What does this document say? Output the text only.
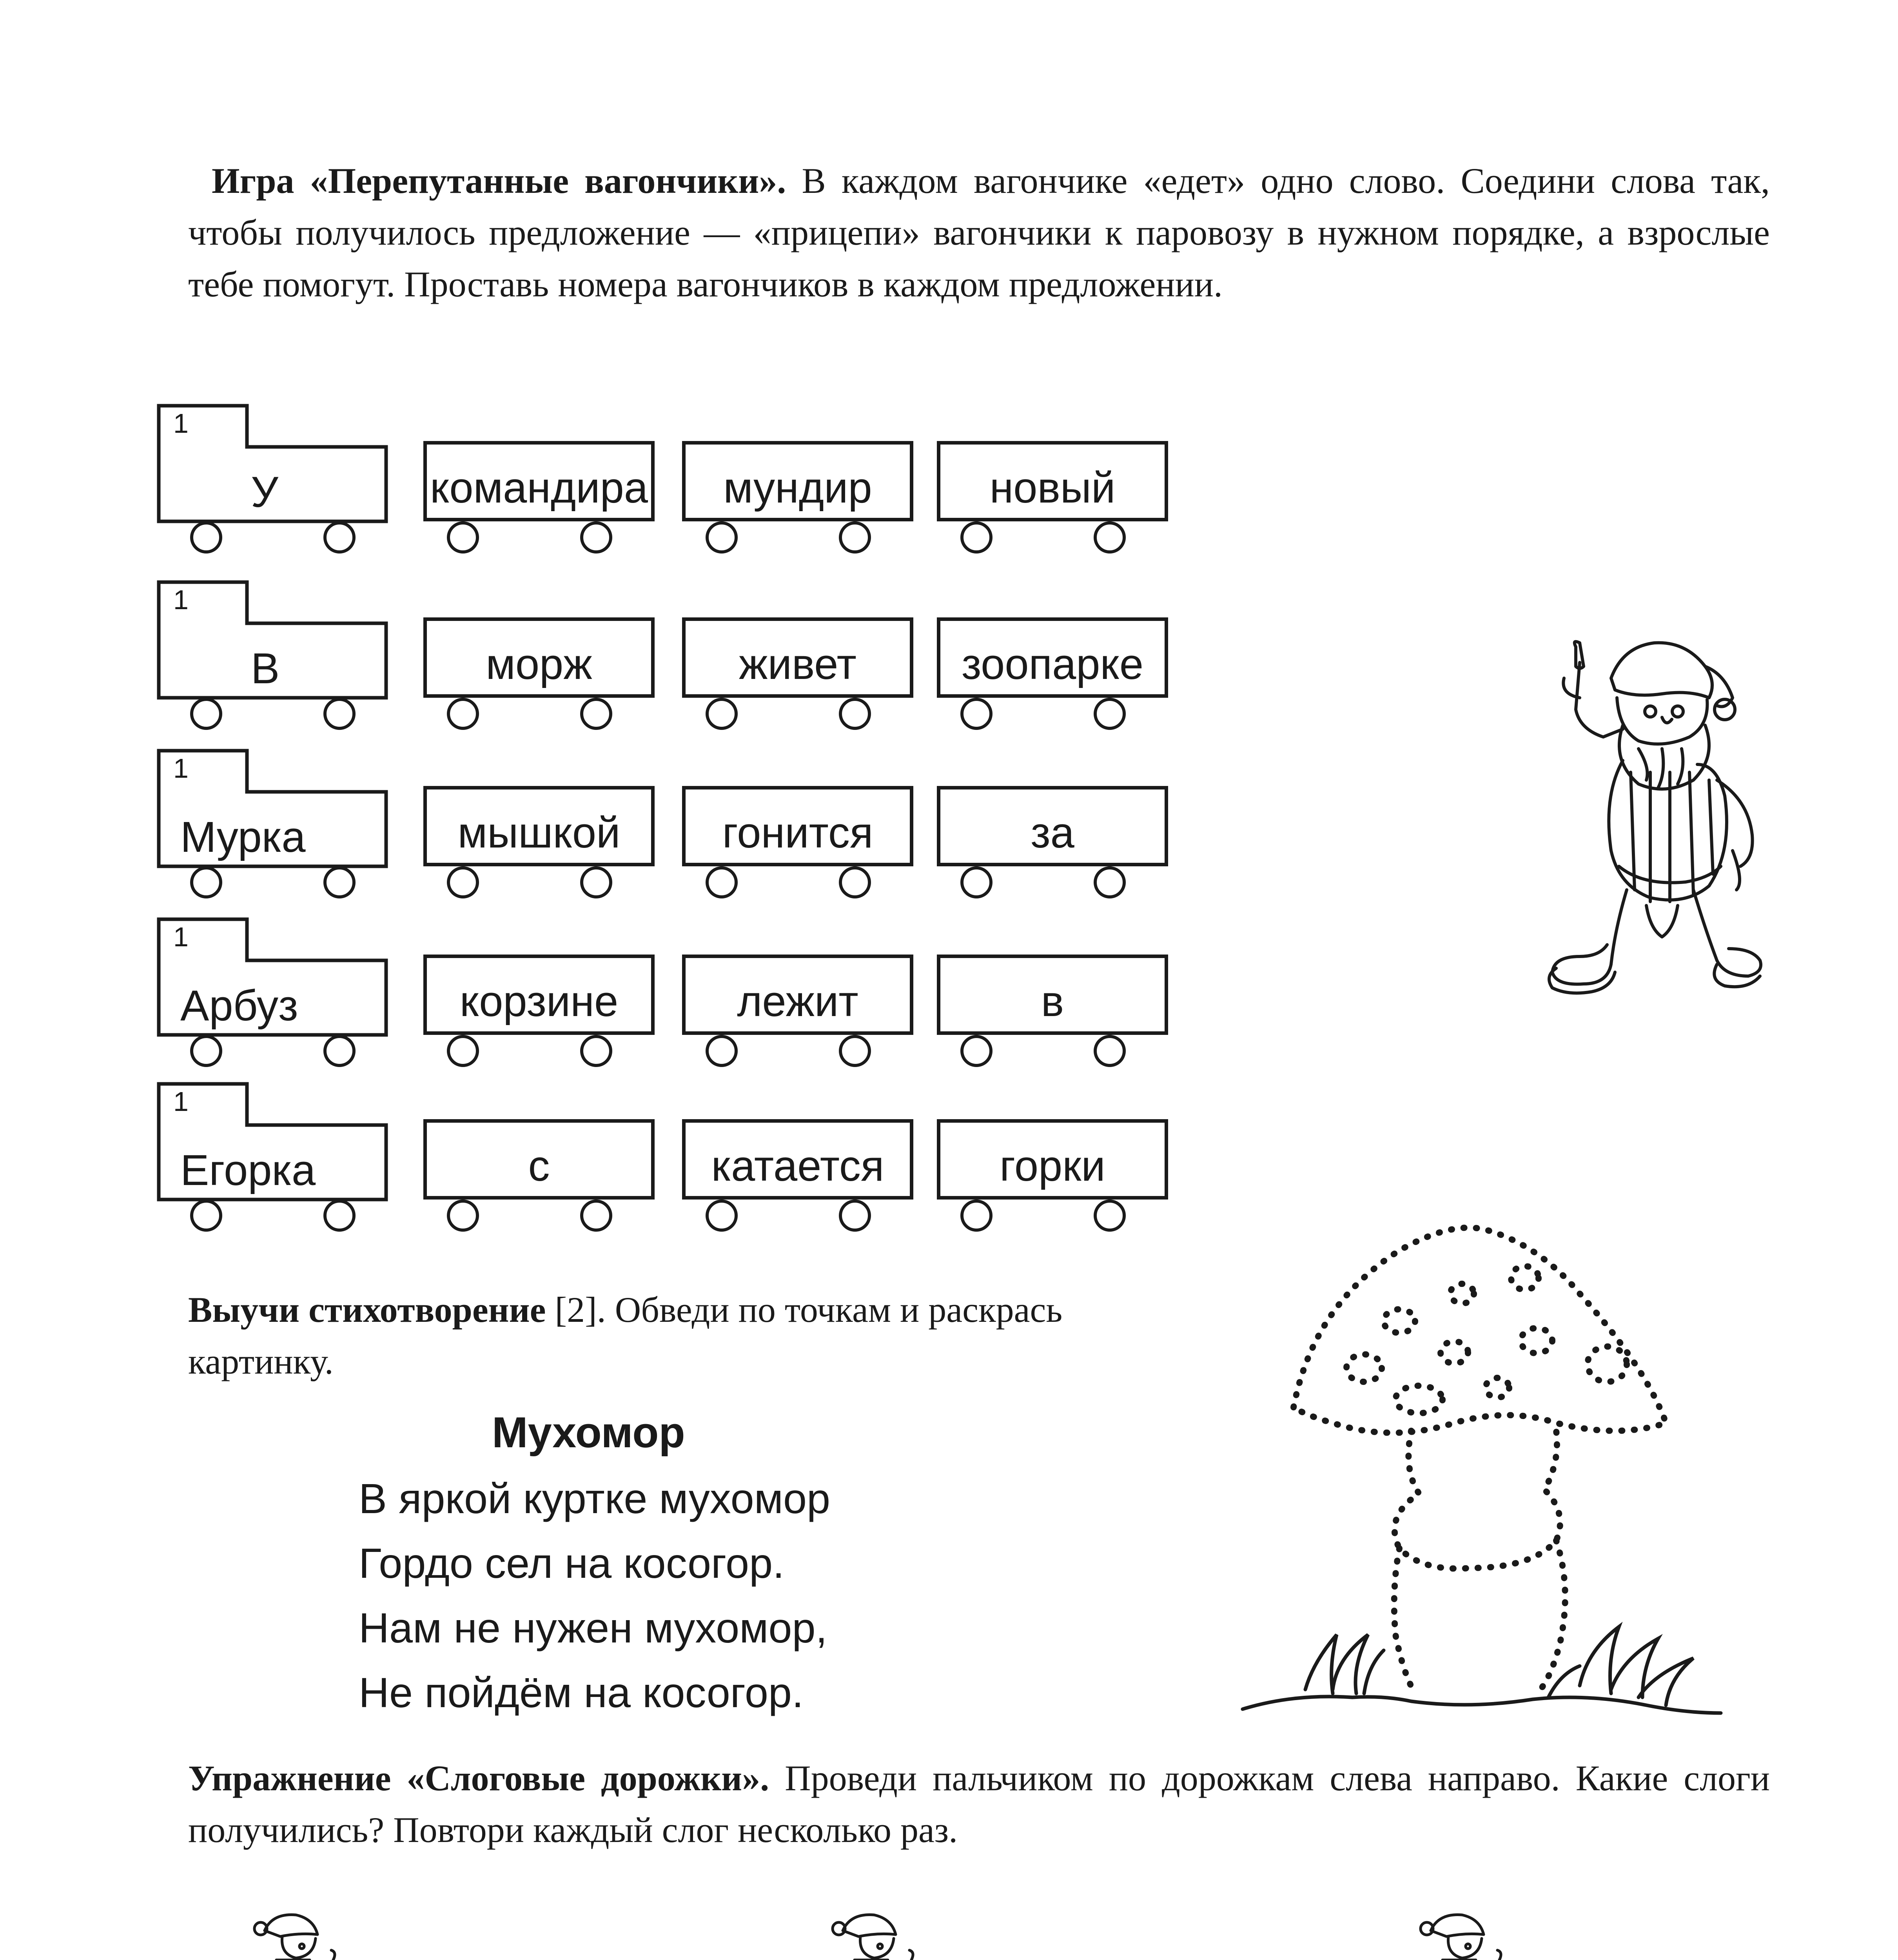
Игра «Перепутанные вагончики». В каждом вагончике «едет» одно слово. Соедини слова так, чтобы получилось предложение — «прицепи» вагончики к паровозу в нужном порядке, а взрослые тебе помогут. Проставь номера вагончиков в каждом предложении.
1
У	командира	мундир	новый
1
В	морж	живет	зоопарке
1
Мурка	мышкой	гонится	за
1
Арбуз	корзине	лежит	в
1
Егорка	с	катается	горки
Выучи стихотворение [2]. Обведи по точкам и раскрась картинку.
Мухомор
В яркой куртке мухомор
Гордо сел на косогор.
Нам не нужен мухомор,
Не пойдём на косогор.
Упражнение «Слоговые дорожки». Проведи пальчиком по дорожкам слева направо. Какие слоги получились? Повтори каждый слог несколько раз.
